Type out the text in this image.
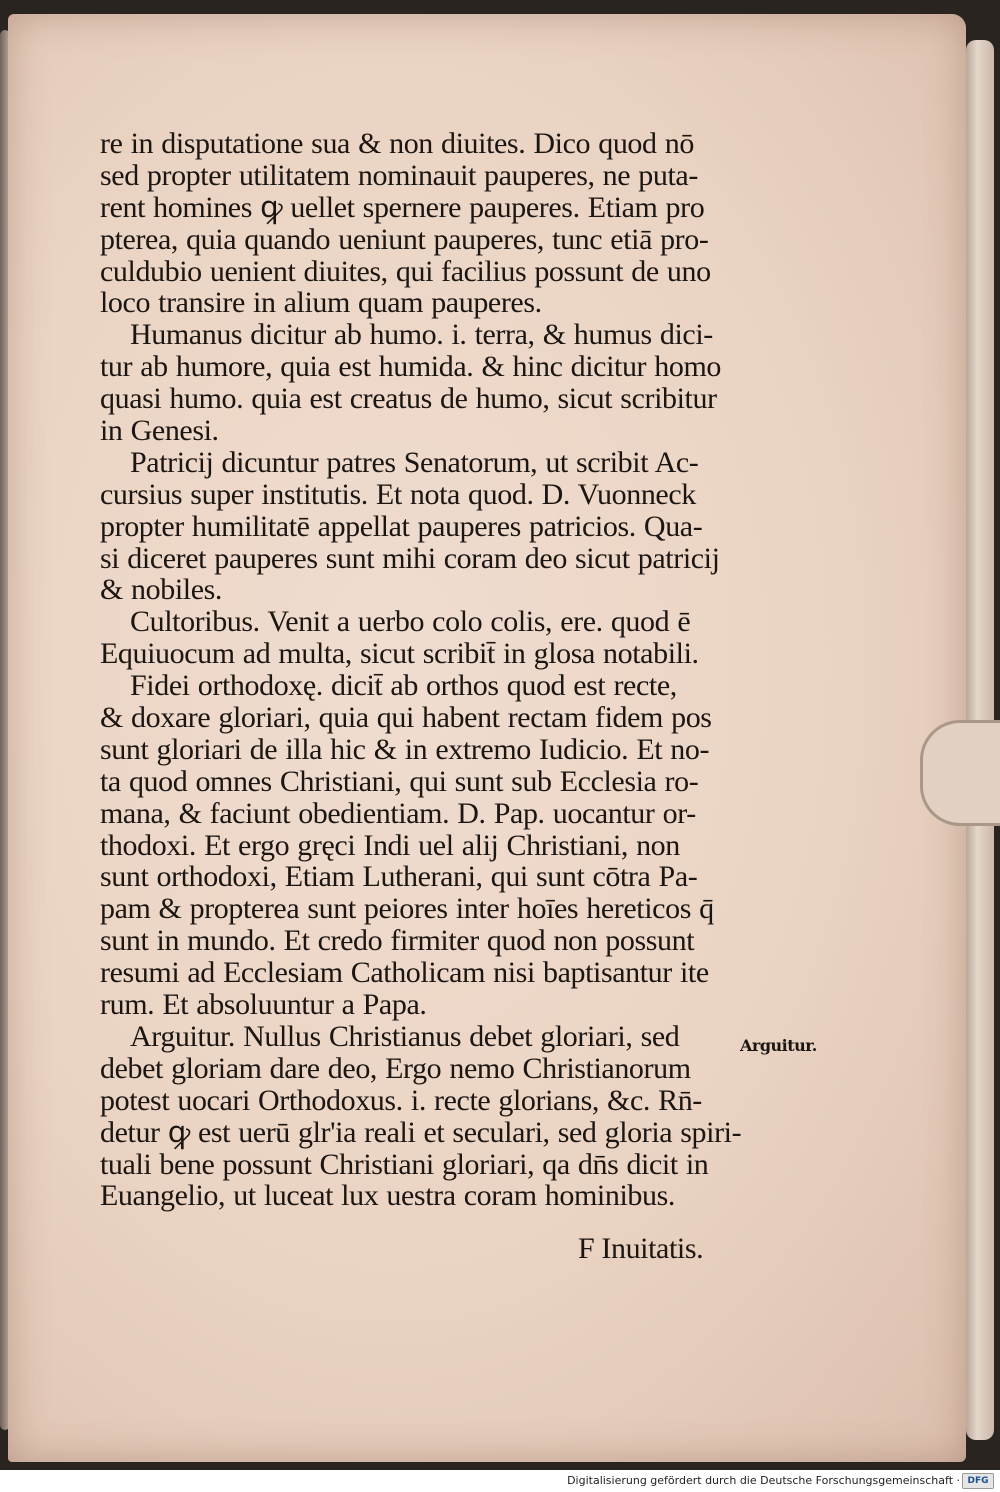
re in disputatione sua & non diuites. Dico quod nō
sed propter utilitatem nominauit pauperes, ne puta-
rent homines ꝙ uellet spernere pauperes. Etiam pro
pterea, quia quando ueniunt pauperes, tunc etiā pro-
culdubio uenient diuites, qui facilius possunt de uno
loco transire in alium quam pauperes.
Humanus dicitur ab humo. i. terra, & humus dici-
tur ab humore, quia est humida. & hinc dicitur homo
quasi humo. quia est creatus de humo, sicut scribitur
in Genesi.
Patricij dicuntur patres Senatorum, ut scribit Ac-
cursius super institutis. Et nota quod. D. Vuonneck
propter humilitatē appellat pauperes patricios. Qua-
si diceret pauperes sunt mihi coram deo sicut patricij
& nobiles.
Cultoribus. Venit a uerbo colo colis, ere. quod ē
Equiuocum ad multa, sicut scribit̄ in glosa notabili.
Fidei orthodoxę. dicit̄ ab orthos quod est recte,
& doxare gloriari, quia qui habent rectam fidem pos
sunt gloriari de illa hic & in extremo Iudicio. Et no-
ta quod omnes Christiani, qui sunt sub Ecclesia ro-
mana, & faciunt obedientiam. D. Pap. uocantur or-
thodoxi. Et ergo gręci Indi uel alij Christiani, non
sunt orthodoxi, Etiam Lutherani, qui sunt cōtra Pa-
pam & propterea sunt peiores inter hoīes hereticos q̄
sunt in mundo. Et credo firmiter quod non possunt
resumi ad Ecclesiam Catholicam nisi baptisantur ite
rum. Et absoluuntur a Papa.
Arguitur. Nullus Christianus debet gloriari, sed
debet gloriam dare deo, Ergo nemo Christianorum
potest uocari Orthodoxus. i. recte glorians, &c. Rn̄-
detur ꝙ est uerū glr'ia reali et seculari, sed gloria spiri-
tuali bene possunt Christiani gloriari, qa dn̄s dicit in
Euangelio, ut luceat lux uestra coram hominibus.
Arguitur.
F Inuitatis.
Digitalisierung gefördert durch die Deutsche Forschungsgemeinschaft · DFG
